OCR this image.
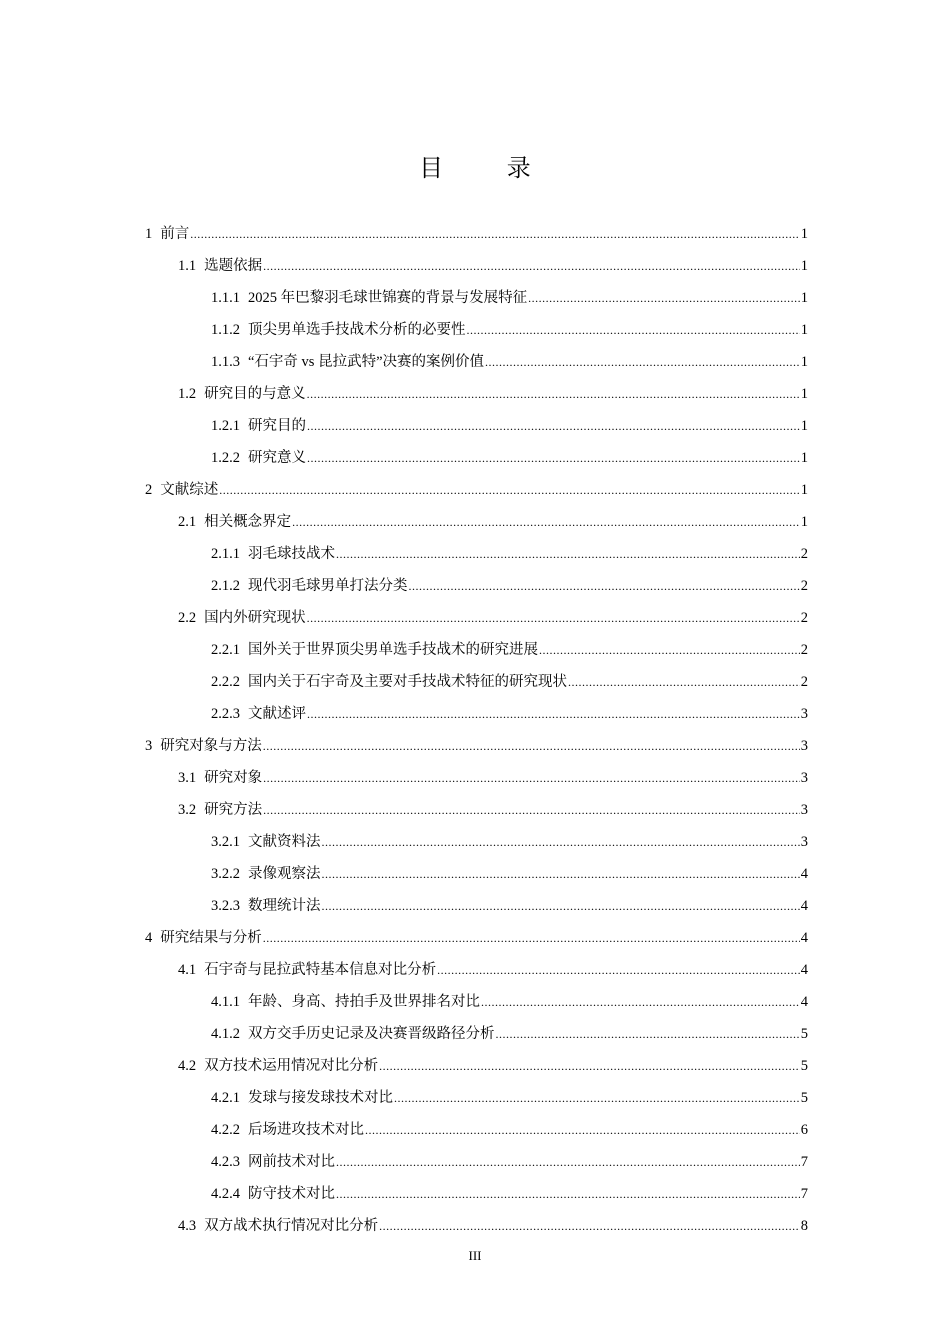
目 录
1 前言 .....	1
1.1 选题依据 .....	1
1.1.1 2025 年巴黎羽毛球世锦赛的背景与发展特征 .....	1
1.1.2 顶尖男单选手技战术分析的必要性 .....	1
1.1.3 “石宇奇 vs 昆拉武特”决赛的案例价值 .....	1
1.2 研究目的与意义 .....	1
1.2.1 研究目的 .....	1
1.2.2 研究意义 .....	1
2 文献综述 .....	1
2.1 相关概念界定 .....	1
2.1.1 羽毛球技战术 .....	2
2.1.2 现代羽毛球男单打法分类 .....	2
2.2 国内外研究现状 .....	2
2.2.1 国外关于世界顶尖男单选手技战术的研究进展 .....	2
2.2.2 国内关于石宇奇及主要对手技战术特征的研究现状 .....	2
2.2.3 文献述评 .....	3
3 研究对象与方法 .....	3
3.1 研究对象 .....	3
3.2 研究方法 .....	3
3.2.1 文献资料法 .....	3
3.2.2 录像观察法 .....	4
3.2.3 数理统计法 .....	4
4 研究结果与分析 .....	4
4.1 石宇奇与昆拉武特基本信息对比分析 .....	4
4.1.1 年龄、身高、持拍手及世界排名对比 .....	4
4.1.2 双方交手历史记录及决赛晋级路径分析 .....	5
4.2 双方技术运用情况对比分析 .....	5
4.2.1 发球与接发球技术对比 .....	5
4.2.2 后场进攻技术对比 .....	6
4.2.3 网前技术对比 .....	7
4.2.4 防守技术对比 .....	7
4.3 双方战术执行情况对比分析 .....	8
III
